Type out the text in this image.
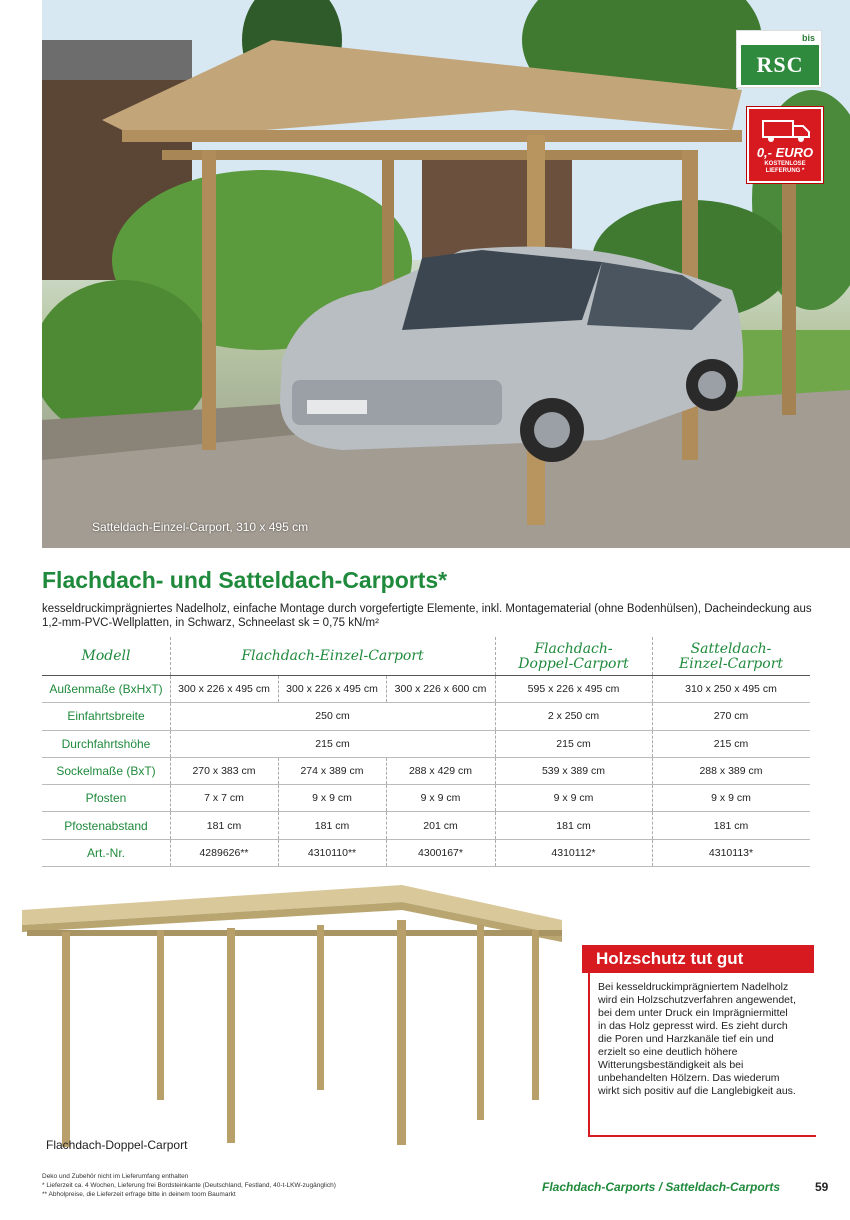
Satteldach-Einzel-Carport, 310 x 495 cm
bis
RSC
0,- EURO
KOSTENLOSE
LIEFERUNG *
Flachdach- und Satteldach-Carports*

kesseldruckimprägniertes Nadelholz, einfache Montage durch vorgefertigte Elemente, inkl. Montagematerial (ohne Bodenhülsen), Dacheindeckung aus 1,2-mm-PVC-Wellplatten, in Schwarz, Schneelast sk = 0,75 kN/m²

Modell	Flachdach-Einzel-Carport	Flachdach-
Doppel-Carport
Satteldach-
Einzel-Carport
Außenmaße (BxHxT)	300 x 226 x 495 cm	300 x 226 x 495 cm	300 x 226 x 600 cm	595 x 226 x 495 cm	310 x 250 x 495 cm
Einfahrtsbreite	250 cm	2 x 250 cm	270 cm
Durchfahrtshöhe	215 cm	215 cm	215 cm
Sockelmaße (BxT)	270 x 383 cm	274 x 389 cm	288 x 429 cm	539 x 389 cm	288 x 389 cm
Pfosten	7 x 7 cm	9 x 9 cm	9 x 9 cm	9 x 9 cm	9 x 9 cm
Pfostenabstand	181 cm	181 cm	201 cm	181 cm	181 cm
Art.-Nr.	4289626**	4310110**	4300167*	4310112*	4310113*
Flachdach-Doppel-Carport
Holzschutz tut gut

Bei kesseldruckimprägniertem Nadelholz wird ein Holzschutzverfahren angewendet, bei dem unter Druck ein Imprägniermittel in das Holz gepresst wird. Es zieht durch die Poren und Harzkanäle tief ein und erzielt so eine deutlich höhere Witterungsbeständigkeit als bei unbehandelten Hölzern. Das wiederum wirkt sich positiv auf die Langlebigkeit aus.

Deko und Zubehör nicht im Lieferumfang enthalten
* Lieferzeit ca. 4 Wochen, Lieferung frei Bordsteinkante (Deutschland, Festland, 40-t-LKW-zugänglich)
** Abholpreise, die Lieferzeit erfrage bitte in deinem toom Baumarkt
Flachdach-Carports / Satteldach-Carports	59
